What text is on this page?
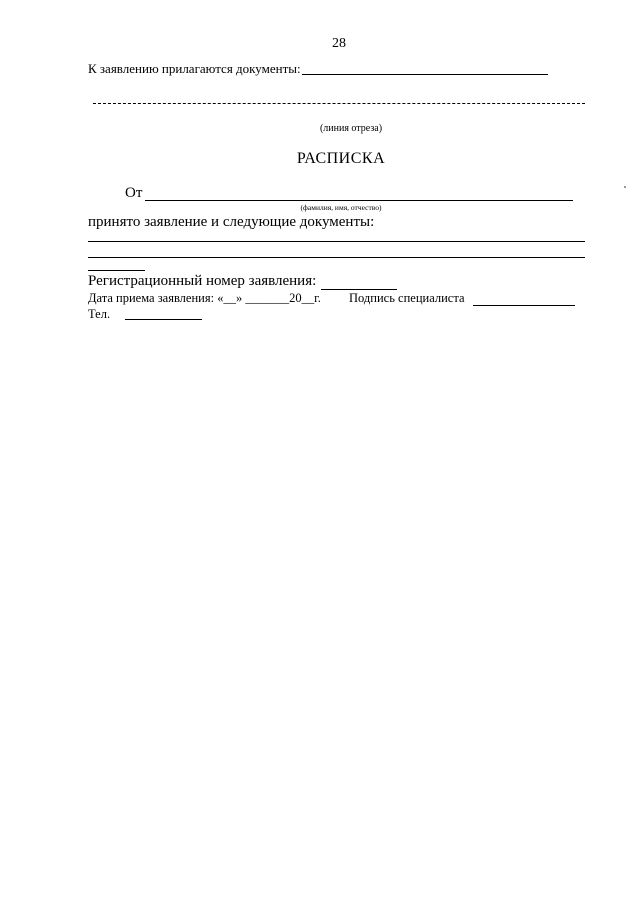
28
К заявлению прилагаются документы:
(линия отреза)
РАСПИСКА
От
(фамилия, имя, отчество)
принято заявление и следующие документы:
Регистрационный номер заявления:
Дата приема заявления: «__» _______20__г. Подпись специалиста
Тел.
